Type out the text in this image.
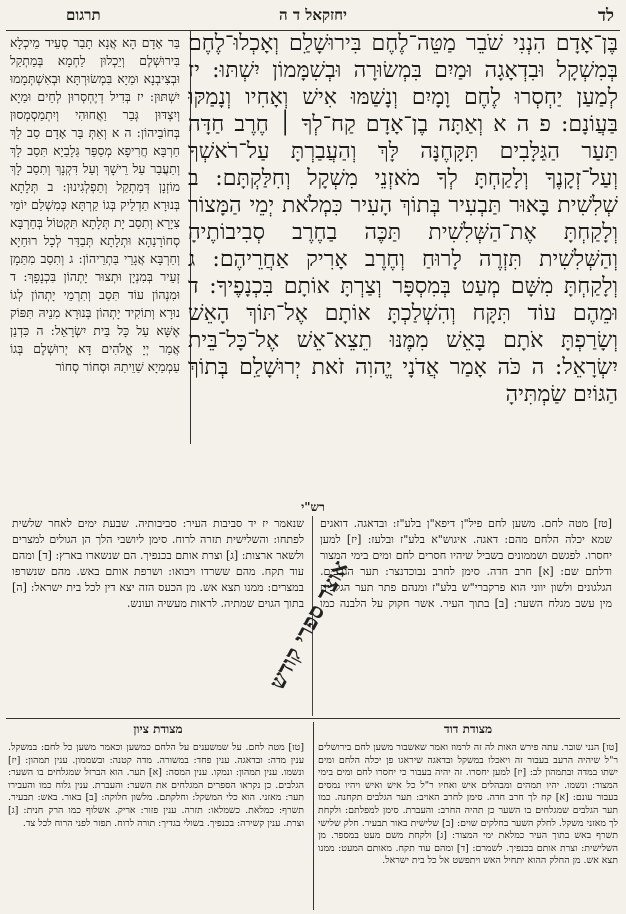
לד
יחזקאל ד ה
תרגום
בֶּן־אָדָם הִנְנִי שֹׁבֵר מַטֵּה־לֶחֶם בִּירוּשָׁלִַם וְאָכְלוּ־לֶחֶם בְּמִשְׁקָל וּבִדְאָגָה וּמַיִם בִּמְשׂוּרָה וּבְשִׁמָּמוֹן יִשְׁתּוּ: יז לְמַעַן יַחְסְרוּ לֶחֶם וָמָיִם וְנָשַׁמּוּ אִישׁ וְאָחִיו וְנָמַקּוּ בַּעֲוֹנָם: פ ה א וְאַתָּה בֶן־אָדָם קַח־לְךָ ׀ חֶרֶב חַדָּה תַּעַר הַגַּלָּבִים תִּקָּחֶנָּה לָּךְ וְהַעֲבַרְתָּ עַל־רֹאשְׁךָ וְעַל־זְקָנֶךָ וְלָקַחְתָּ לְךָ מֹאזְנֵי מִשְׁקָל וְחִלַּקְתָּם: ב שְׁלִשִׁית בָּאוּר תַּבְעִיר בְּתוֹךְ הָעִיר כִּמְלֹאת יְמֵי הַמָּצוֹר וְלָקַחְתָּ אֶת־הַשְּׁלִשִׁית תַּכֶּה בַחֶרֶב סְבִיבוֹתֶיהָ וְהַשְּׁלִשִׁית תִּזְרֶה לָרוּחַ וְחֶרֶב אָרִיק אַחֲרֵיהֶם: ג וְלָקַחְתָּ מִשָּׁם מְעַט בְּמִסְפָּר וְצַרְתָּ אוֹתָם בִּכְנָפֶיךָ: ד וּמֵהֶם עוֹד תִּקָּח וְהִשְׁלַכְתָּ אוֹתָם אֶל־תּוֹךְ הָאֵשׁ וְשָׂרַפְתָּ אֹתָם בָּאֵשׁ מִמֶּנּוּ תֵצֵא־אֵשׁ אֶל־כָּל־בֵּית יִשְׂרָאֵל: ה כֹּה אָמַר אֲדֹנָי יֱהוִה זֹאת יְרוּשָׁלִַם בְּתוֹךְ הַגּוֹיִם שַׂמְתִּיהָ
בַּר אָדָם הָא אֲנָא תָבַר סְעֵיד מֵיכְלָא בִּירוּשְׁלֶם וְיֵכְלוּן לַחְמָא בְּמַתְקַל וּבְצִיבְנָא וּמַיָא בִּמְשׂוּרְתָּא וּבְאִשְׁתְּמָמוּ יִשְׁתּוּן: יז בְּדִיל דְיֶחְסְרוּן לְחֵים וּמַיָא וְיִצְדּוּן גְּבַר וַאֲחוּהִי וְיִתְמַסְמְסוּן בְּחוֹבֵיהוֹן: ה א וְאַתְּ בַּר אָדָם סַב לָךְ חַרְבָּא חֲרִיפָא מְסַפַּר גַּלָבַיָא תִּסַב לָךְ וְתַעֲבַר עַל רֵישָׁךְ וְעַל דִּקְנָךְ וְתִסַב לָךְ מוֹזְנָן דְּמַתְקַל וְתַפְלְגִינוּן: ב תְּלָתָא בְּנוּרָא תַדְלֵיק בְּגוֹ קַרְתָּא כְּמִשְׁלַם יוֹמֵי צִיָרָא וְתִסַב יָת תְּלָתָא תִּקְטוֹל בְּחַרְבָּא סְחוֹרָנַהָא וּתְלָתָא תְּבַדַּר לְכָל רוּחַיָא וְחַרְבָּא אֲגָרֵי בַּתְרֵיהוֹן: ג וְתִסַב מִתַּמָן זְעֵיר בְּמִנְיָן וּתְצוּר יָתְהוֹן בִּכְנָפָךְ: ד וּמִנְהוֹן עוֹד תִּסַב וְתִרְמֵי יָתְהוֹן לְגוֹ נוּרָא וְתוֹקִיד יָתְהוֹן בְּנוּרָא מִנֵיהּ תִּפּוֹק אֶשָּׁא עַל כָּל בֵּית יִשְׂרָאֵל: ה כִּדְנַן אֲמַר יְיָ אֱלֹהִים דָּא יְרוּשְׁלֶם בְּגוֹ עַמְמַיָא שַׁוֵיתַהּ וּסְחוֹר סְחוֹר
רש"י
[טז] מטה לחם. משען לחם פיל"ן דיפא"ן בלע"ז: ובדאגה. דואגים שמא יכלה הלחם מהם: דאגה. איגוש"א בלע"ז ובלעז: [יז] למען יחסרו. לפגשם ושממונים בשביל שיהיו חסרים לחם ומים בימי המצור ודלתם שם: [א] חרב חדה. סימן לחרב נבוכדנצר: תער הגלבים. הגלגונים ולשון יווני הוא פרקברי"ש בלע"ז ומנהם פתר תער הגלבים מין עשב מגלח השער: [ב] בתוך העיר. אשר חקוק על הלבנה כמו שנאמר יז יד סביבות העיר: סביבותיה. שבעת ימים לאחר שלשית לפתחו: והשלישית תזרה לרוח. סימן ליושבי הלך הן הגולים למצרים ולשאר ארצות: [ג] וצרת אותם בכנפיך. הם שנשארו בארץ: [ד] ומהם עוד תקח. מהם ששרדו ויבואו: ושרפת אותם באש. מהם שנשרפו במצרים: ממנו תצא אש. מן הכעס הזה יצא דין לכל בית ישראל: [ה] בתוך הגוים שמתיה. לראות מעשיה ועונש.
מצודת דוד
מצודת ציון
[טז] הנני שובר. עתה פירש האות לה זה לרמוז ואמר שאשבור משען לחם בירושלים ר"ל שיהיה הרעב בעבור זה ויאכלו במשקל ובדאגה שיראגו פן יכלה הלחם ומים ישתו במדה ובתמהון לב: [יז] למען יחסרו. זה יהיה בעבור כי יחסרו לחם ומים בימי המצור: ונשמו. יהיו תמהים ומבהלים איש ואחיו ר"ל כל איש ואיש ויהיו נמסים בעבור עונם: [א] קח לך חרב חדה. סימן לחרב האויב: תער הגלבים תקחנה. כמו תער הגלבים שמגלחים בו השער כן תהיה החרב: והעברת. סימן למפלתם: ולקחת לך מאזני משקל. לחלק השער בחלקים שוים: [ב] שלישית באור תבעיר. חלק שלישי תשרף באש בתוך העיר כמלאת ימי המצור: [ג] ולקחת משם מעט במספר. מן השלישית: וצרת אותם בכנפיך. לשמרם: [ד] ומהם עוד תקח. מאותם המעט: ממנו תצא אש. מן החלק ההוא יתחיל האש ויתפשט אל כל בית ישראל.
[טז] מטה לחם. על שמשענים על הלחם כמשען וכאמר משען כל לחם: במשקל. ענין מדה: ובדאגה. ענין פחד: במשורה. מדה קטנה: ובשממון. ענין תמהון: [יז] ונשמו. ענין תמהון: ונמקו. ענין המסה: [א] תער. הוא הברזל שמגלחים בו השער: הגלבים. כן נקראו הספרים המגלחים את השער: והעברת. ענין גלוח כמו והעבירו תער: מאזני. הוא כלי המשקל: וחלקתם. מלשון חלוקה: [ב] באור. באש: תבעיר. תשרף: כמלאת. כשמלאו: תזרה. ענין פזור: אריק. אשלוף כמו הרק חנית: [ג] וצרת. ענין קשירה: בכנפיך. בשולי בגדיך: תורה לרוח. תפזר לפני הרוח לכל צד.
אוצר ספרי קודש
